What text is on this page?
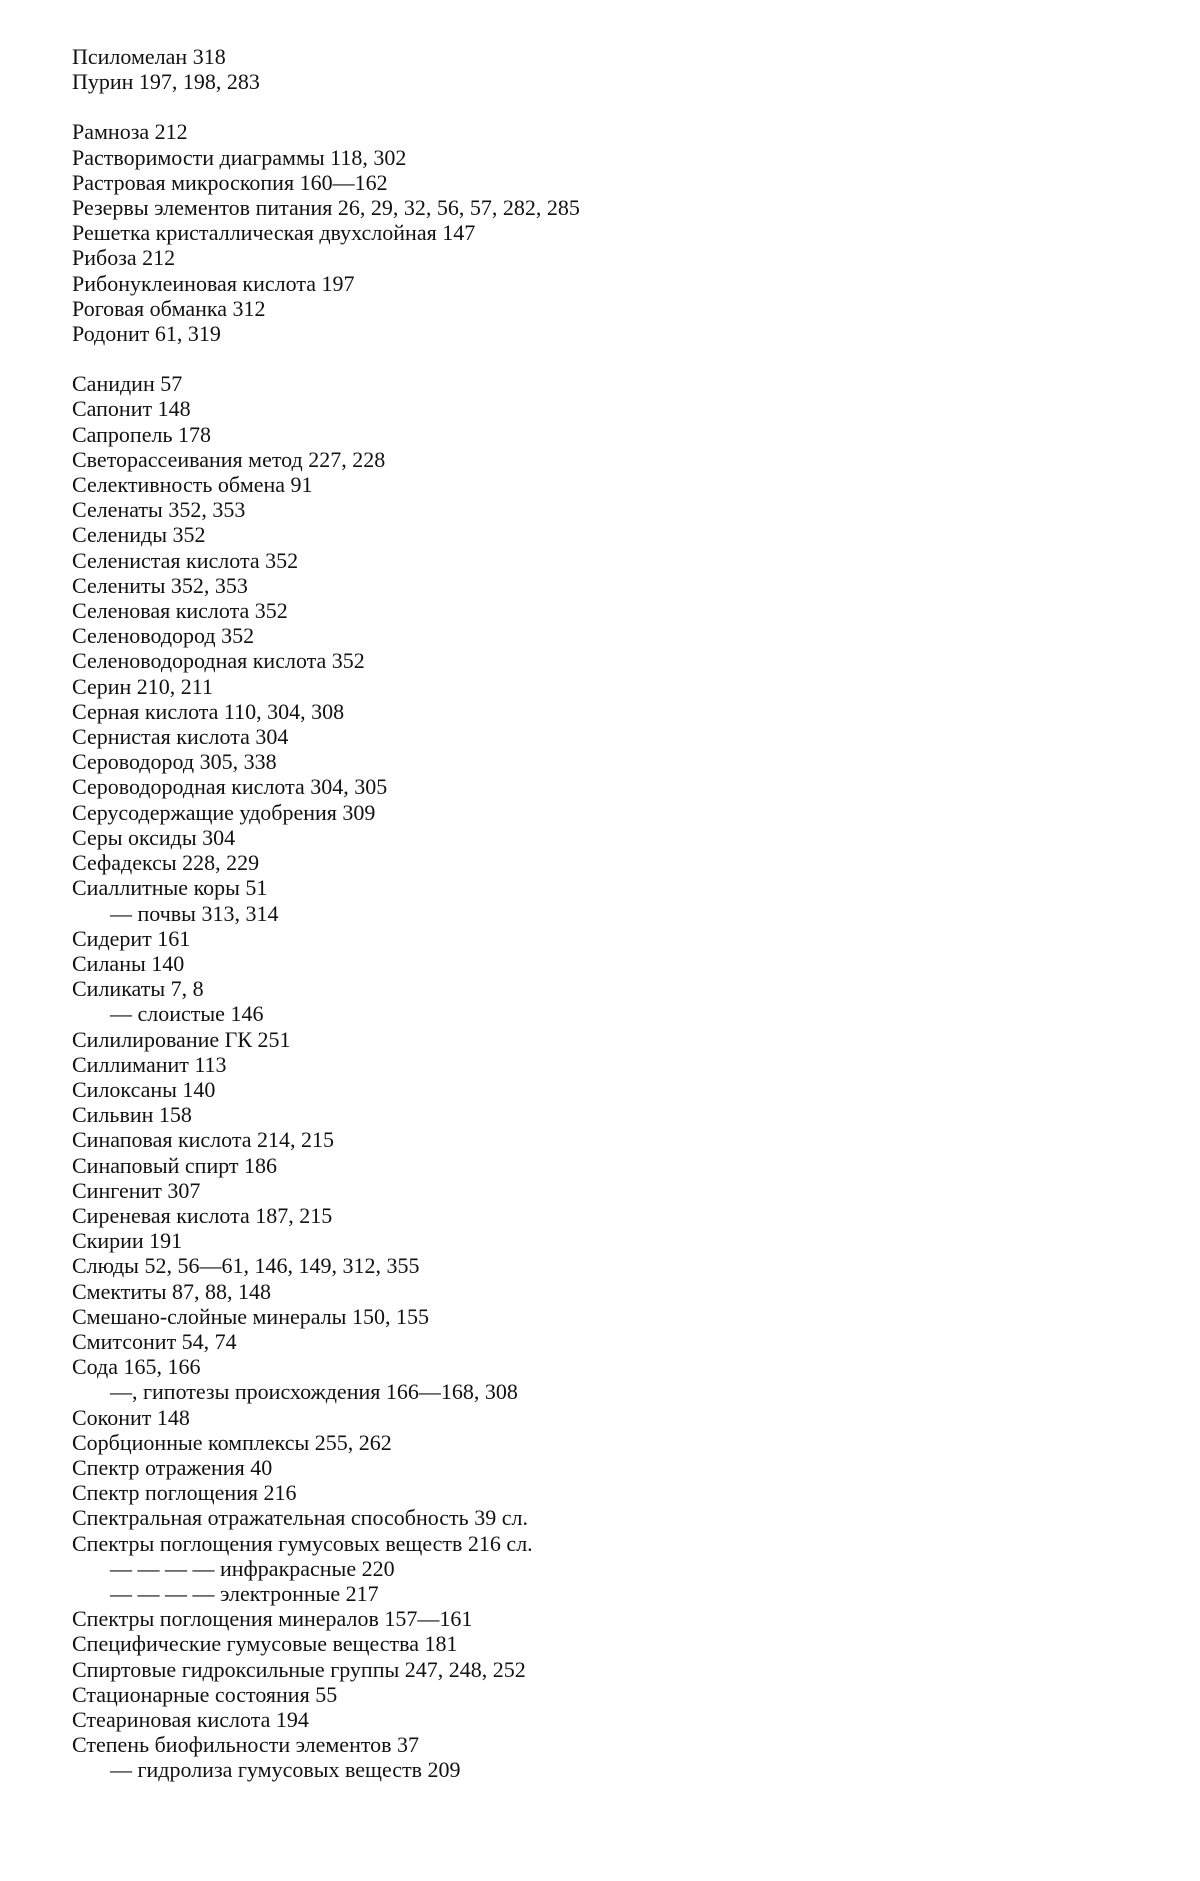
Псиломелан 318
Пурин 197, 198, 283
Рамноза 212
Растворимости диаграммы 118, 302
Растровая микроскопия 160—162
Резервы элементов питания 26, 29, 32, 56, 57, 282, 285
Решетка кристаллическая двухслойная 147
Рибоза 212
Рибонуклеиновая кислота 197
Роговая обманка 312
Родонит 61, 319
Санидин 57
Сапонит 148
Сапропель 178
Светорассеивания метод 227, 228
Селективность обмена 91
Селенаты 352, 353
Селениды 352
Селенистая кислота 352
Селениты 352, 353
Селеновая кислота 352
Селеноводород 352
Селеноводородная кислота 352
Серин 210, 211
Серная кислота 110, 304, 308
Сернистая кислота 304
Сероводород 305, 338
Сероводородная кислота 304, 305
Серусодержащие удобрения 309
Серы оксиды 304
Сефадексы 228, 229
Сиаллитные коры 51
— почвы 313, 314
Сидерит 161
Силаны 140
Силикаты 7, 8
— слоистые 146
Силилирование ГК 251
Силлиманит 113
Силоксаны 140
Сильвин 158
Синаповая кислота 214, 215
Синаповый спирт 186
Сингенит 307
Сиреневая кислота 187, 215
Скирии 191
Слюды 52, 56—61, 146, 149, 312, 355
Смектиты 87, 88, 148
Смешано-слойные минералы 150, 155
Смитсонит 54, 74
Сода 165, 166
—, гипотезы происхождения 166—168, 308
Соконит 148
Сорбционные комплексы 255, 262
Спектр отражения 40
Спектр поглощения 216
Спектральная отражательная способность 39 сл.
Спектры поглощения гумусовых веществ 216 сл.
— — — — инфракрасные 220
— — — — электронные 217
Спектры поглощения минералов 157—161
Специфические гумусовые вещества 181
Спиртовые гидроксильные группы 247, 248, 252
Стационарные состояния 55
Стеариновая кислота 194
Степень биофильности элементов 37
— гидролиза гумусовых веществ 209
